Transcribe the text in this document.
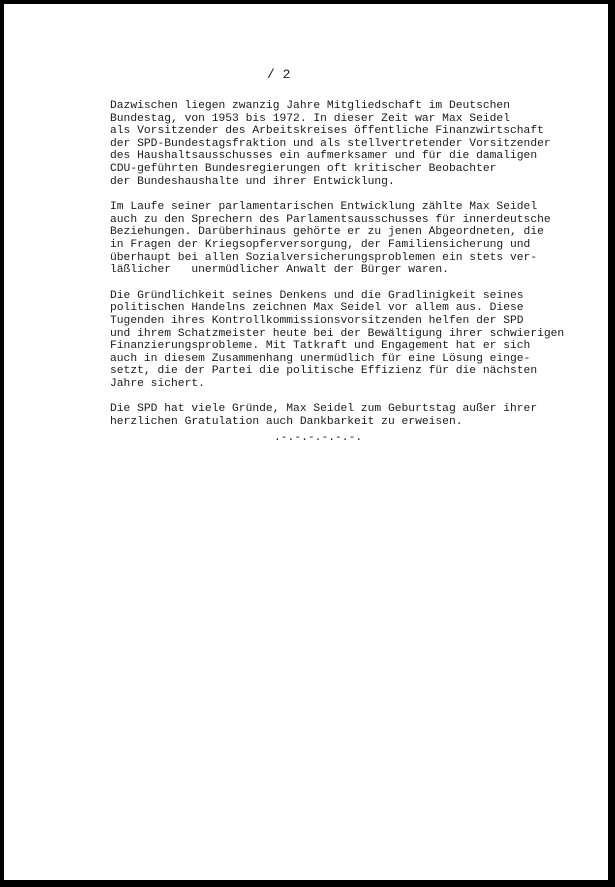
/ 2

Dazwischen liegen zwanzig Jahre Mitgliedschaft im Deutschen
Bundestag, von 1953 bis 1972. In dieser Zeit war Max Seidel
als Vorsitzender des Arbeitskreises öffentliche Finanzwirtschaft
der SPD-Bundestagsfraktion und als stellvertretender Vorsitzender
des Haushaltsausschusses ein aufmerksamer und für die damaligen
CDU-geführten Bundesregierungen oft kritischer Beobachter
der Bundeshaushalte und ihrer Entwicklung.

Im Laufe seiner parlamentarischen Entwicklung zählte Max Seidel
auch zu den Sprechern des Parlamentsausschusses für innerdeutsche
Beziehungen. Darüberhinaus gehörte er zu jenen Abgeordneten, die
in Fragen der Kriegsopferversorgung, der Familiensicherung und
überhaupt bei allen Sozialversicherungsproblemen ein stets ver-
läßlicher   unermüdlicher Anwalt der Bürger waren.

Die Gründlichkeit seines Denkens und die Gradlinigkeit seines
politischen Handelns zeichnen Max Seidel vor allem aus. Diese
Tugenden ihres Kontrollkommissionsvorsitzenden helfen der SPD
und ihrem Schatzmeister heute bei der Bewältigung ihrer schwierigen
Finanzierungsprobleme. Mit Tatkraft und Engagement hat er sich
auch in diesem Zusammenhang unermüdlich für eine Lösung einge-
setzt, die der Partei die politische Effizienz für die nächsten
Jahre sichert.

Die SPD hat viele Gründe, Max Seidel zum Geburtstag außer ihrer
herzlichen Gratulation auch Dankbarkeit zu erweisen.

.-.-.-.-.-.-.
